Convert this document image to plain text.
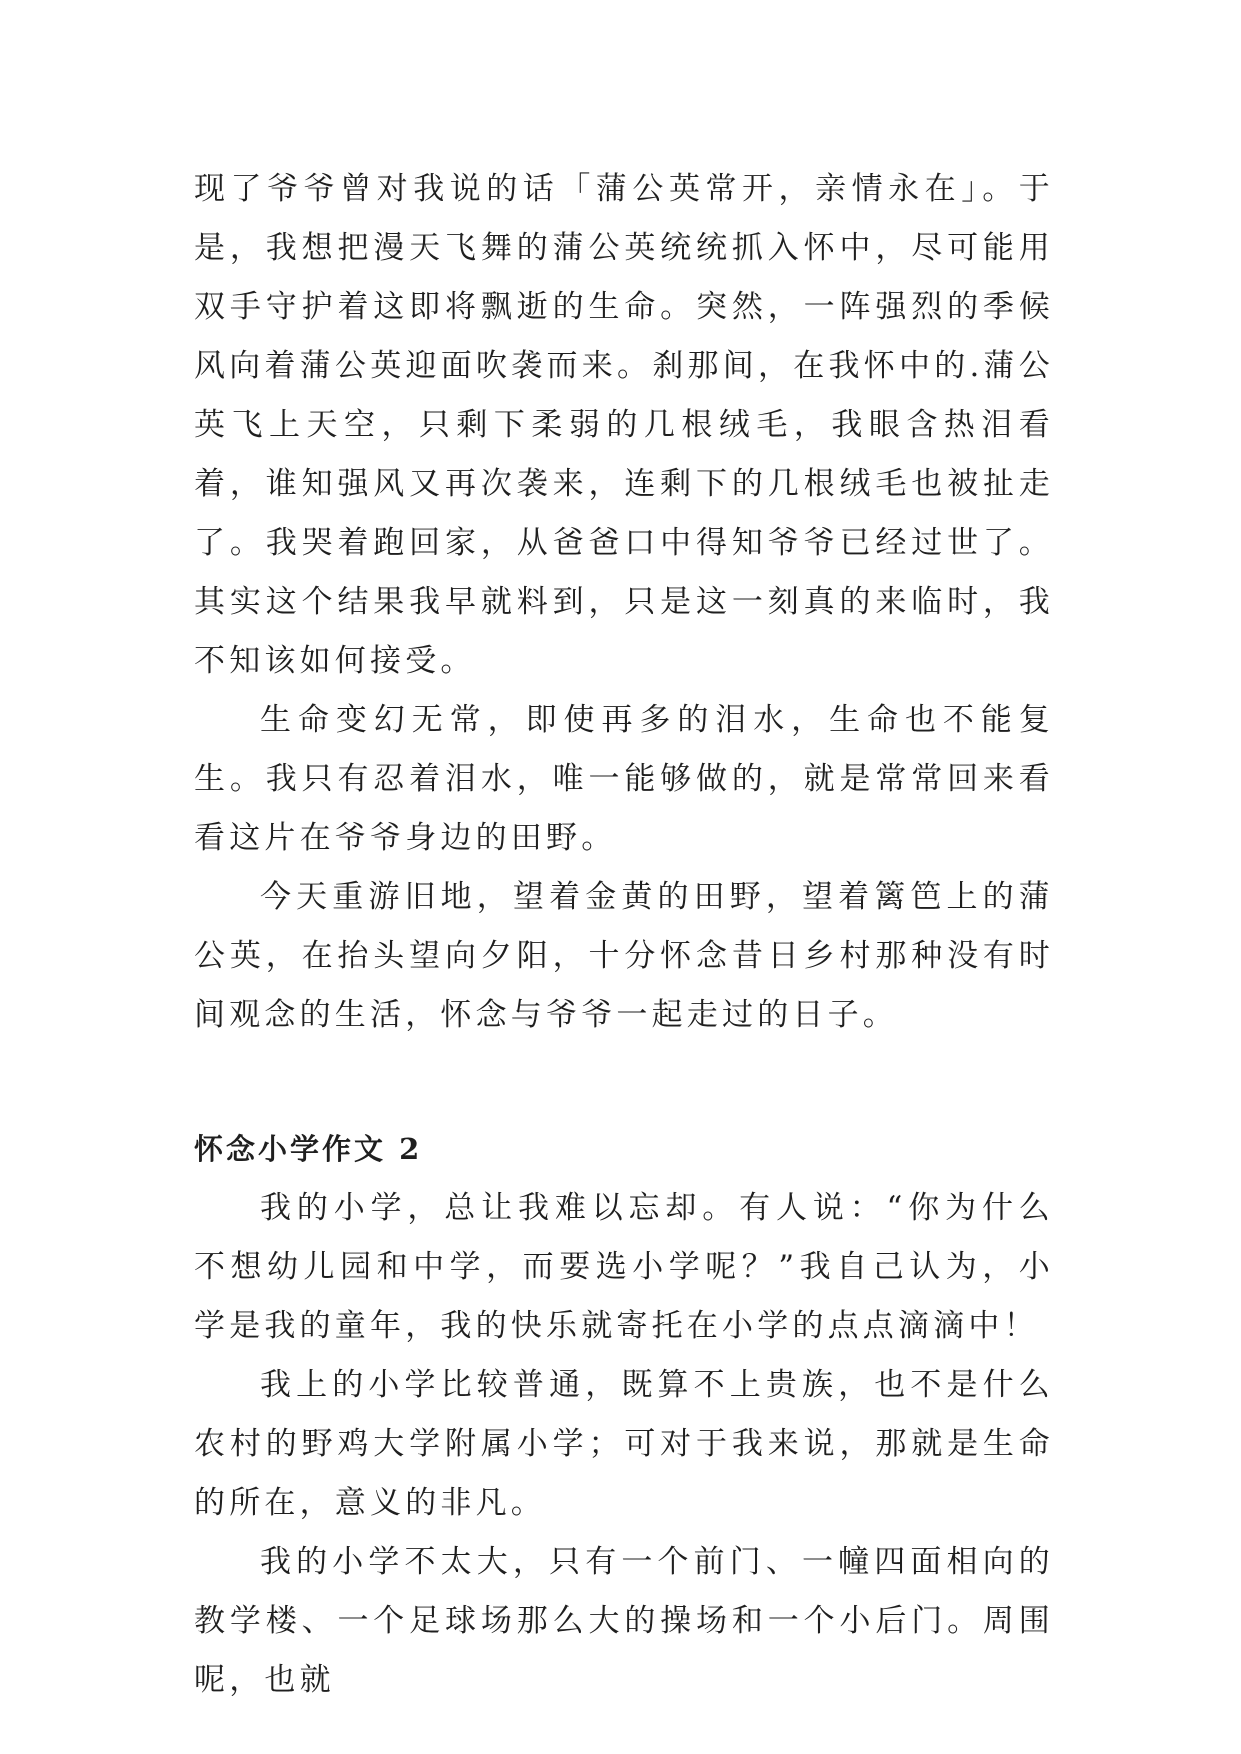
现了爷爷曾对我说的话「蒲公英常开，亲情永在」。于是，我想把漫天飞舞的蒲公英统统抓入怀中，尽可能用双手守护着这即将飘逝的生命。突然，一阵强烈的季候风向着蒲公英迎面吹袭而来。刹那间，在我怀中的.蒲公英飞上天空，只剩下柔弱的几根绒毛，我眼含热泪看着，谁知强风又再次袭来，连剩下的几根绒毛也被扯走了。我哭着跑回家，从爸爸口中得知爷爷已经过世了。其实这个结果我早就料到，只是这一刻真的来临时，我不知该如何接受。

生命变幻无常，即使再多的泪水，生命也不能复生。我只有忍着泪水，唯一能够做的，就是常常回来看看这片在爷爷身边的田野。

今天重游旧地，望着金黄的田野，望着篱笆上的蒲公英，在抬头望向夕阳，十分怀念昔日乡村那种没有时间观念的生活，怀念与爷爷一起走过的日子。

怀念小学作文 2

我的小学，总让我难以忘却。有人说：“你为什么不想幼儿园和中学，而要选小学呢？”我自己认为，小学是我的童年，我的快乐就寄托在小学的点点滴滴中！

我上的小学比较普通，既算不上贵族，也不是什么农村的野鸡大学附属小学；可对于我来说，那就是生命的所在，意义的非凡。

我的小学不太大，只有一个前门、一幢四面相向的教学楼、一个足球场那么大的操场和一个小后门。周围呢，也就
